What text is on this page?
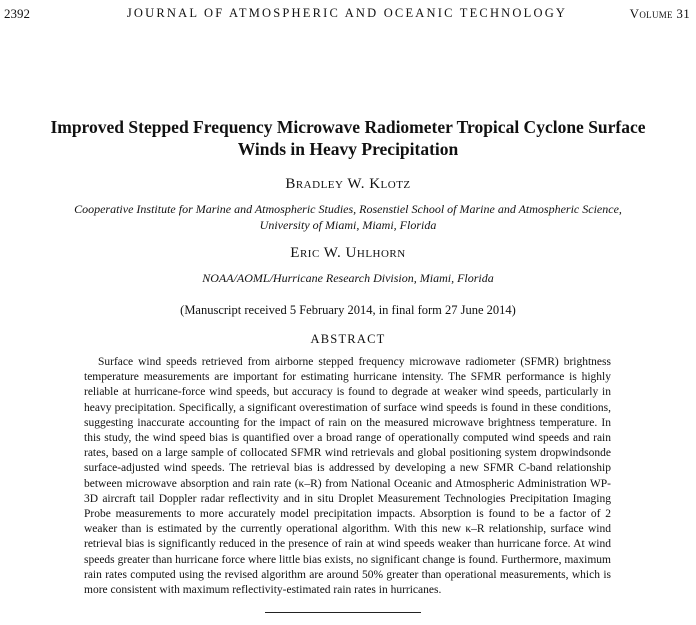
2392	JOURNAL OF ATMOSPHERIC AND OCEANIC TECHNOLOGY	Volume 31
Improved Stepped Frequency Microwave Radiometer Tropical Cyclone Surface Winds in Heavy Precipitation
Bradley W. Klotz
Cooperative Institute for Marine and Atmospheric Studies, Rosenstiel School of Marine and Atmospheric Science,
University of Miami, Miami, Florida
Eric W. Uhlhorn
NOAA/AOML/Hurricane Research Division, Miami, Florida
(Manuscript received 5 February 2014, in final form 27 June 2014)
ABSTRACT

Surface wind speeds retrieved from airborne stepped frequency microwave radiometer (SFMR) brightness temperature measurements are important for estimating hurricane intensity. The SFMR performance is highly reliable at hurricane-force wind speeds, but accuracy is found to degrade at weaker wind speeds, particularly in heavy precipitation. Specifically, a significant overestimation of surface wind speeds is found in these conditions, suggesting inaccurate accounting for the impact of rain on the measured microwave brightness temperature. In this study, the wind speed bias is quantified over a broad range of operationally computed wind speeds and rain rates, based on a large sample of collocated SFMR wind retrievals and global positioning system dropwindsonde surface-adjusted wind speeds. The retrieval bias is addressed by developing a new SFMR C-band relationship between microwave absorption and rain rate (κ–R) from National Oceanic and Atmospheric Administration WP-3D aircraft tail Doppler radar reflectivity and in situ Droplet Measurement Technologies Precipitation Imaging Probe measurements to more accurately model precipitation impacts. Absorption is found to be a factor of 2 weaker than is estimated by the currently operational algorithm. With this new κ–R relationship, surface wind retrieval bias is significantly reduced in the presence of rain at wind speeds weaker than hurricane force. At wind speeds greater than hurricane force where little bias exists, no significant change is found. Furthermore, maximum rain rates computed using the revised algorithm are around 50% greater than operational measurements, which is more consistent with maximum reflectivity-estimated rain rates in hurricanes.
